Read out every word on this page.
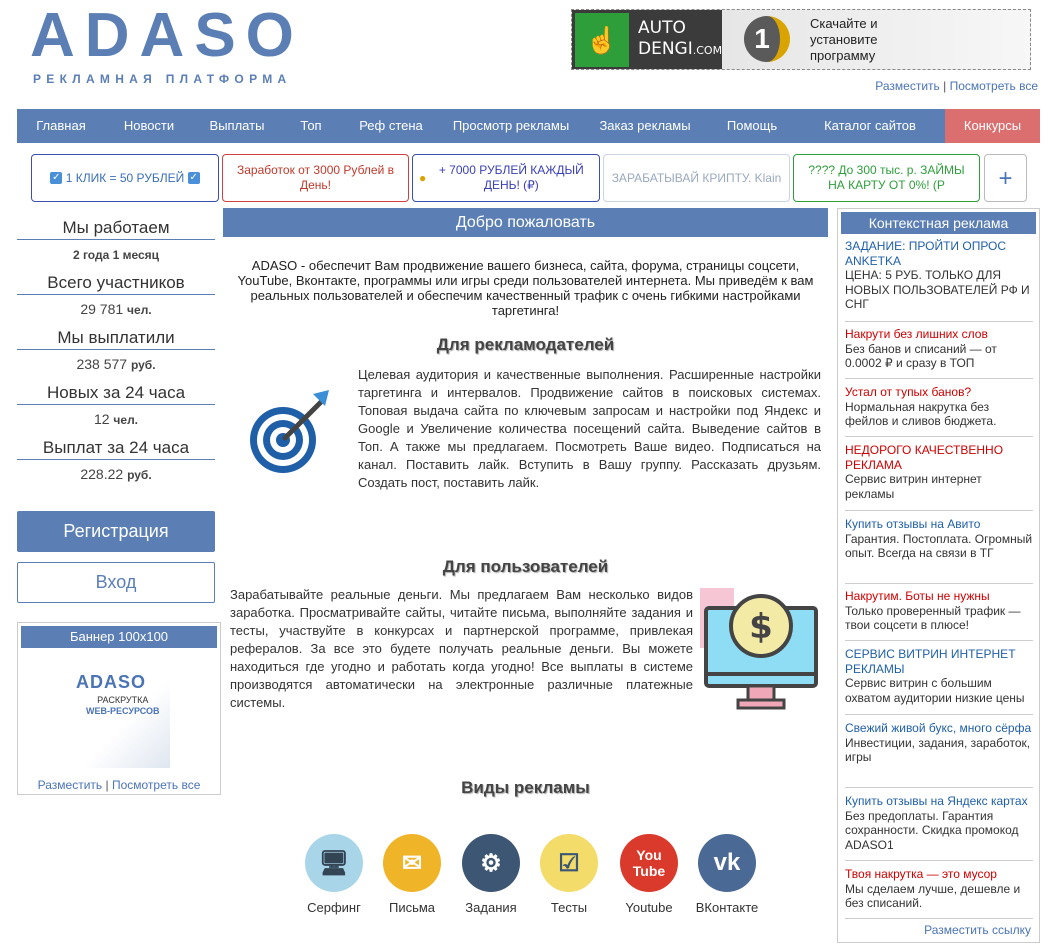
ADASO
РЕКЛАМНАЯ ПЛАТФОРМА
☝	AUTO
DENGI.COM	1	Скачайте и
установите
программу
Разместить | Посмотреть все
Главная	Новости	Выплаты	Топ	Реф стена	Просмотр рекламы	Заказ рекламы	Помощь	Каталог сайтов	Конкурсы
✓
1 КЛИК = 50 РУБЛЕЙ
✓
Заработок от 3000 Рублей в День!
●

+ 7000 РУБЛЕЙ КАЖДЫЙ ДЕНЬ! (₽)
ЗАРАБАТЫВАЙ КРИПТУ. Klain
???? До 300 тыс. р. ЗАЙМЫ НА КАРТУ ОТ 0%! (Р	+
Мы работаем
2 года 1 месяц
Всего участников
29 781 чел.
Мы выплатили
238 577 руб.
Новых за 24 часа
12 чел.
Выплат за 24 часа
228.22 руб.
Регистрация
Вход
Баннер 100x100
ADASO
РАСКРУТКА
WEB-РЕСУРСОВ
Разместить | Посмотреть все
Добро пожаловать
ADASO - обеспечит Вам продвижение вашего бизнеса, сайта, форума, страницы соцсети, YouTube, Вконтакте, программы или игры среди пользователей интернета. Мы приведём к вам реальных пользователей и обеспечим качественный трафик с очень гибкими настройками таргетинга!
Для рекламодателей
Целевая аудитория и качественные выполнения. Расширенные настройки таргетинга и интервалов. Продвижение сайтов в поисковых системах. Топовая выдача сайта по ключевым запросам и настройки под Яндекс и Google и Увеличение количества посещений сайта. Выведение сайтов в Топ. А также мы предлагаем. Посмотреть Ваше видео. Подписаться на канал. Поставить лайк. Вступить в Вашу группу. Рассказать друзьям. Создать пост, поставить лайк.
Для пользователей
Зарабатывайте реальные деньги. Мы предлагаем Вам несколько видов заработка. Просматривайте сайты, читайте письма, выполняйте задания и тесты, участвуйте в конкурсах и партнерской программе, привлекая рефералов. За все это будете получать реальные деньги. Вы можете находиться где угодно и работать когда угодно! Все выплаты в системе производятся автоматически на электронные различные платежные системы.
$
Виды рекламы
🖥
Серфинг
✉
Письма
⚙
Задания
☑
Тесты
You
Tube
Youtube
vk
ВКонтакте
Контекстная реклама
ЗАДАНИЕ: ПРОЙТИ ОПРОС ANKETKA
ЦЕНА: 5 РУБ. ТОЛЬКО ДЛЯ НОВЫХ ПОЛЬЗОВАТЕЛЕЙ РФ И СНГ
Накрути без лишних слов
Без банов и списаний — от 0.0002 ₽ и сразу в ТОП
Устал от тупых банов?
Нормальная накрутка без фейлов и сливов бюджета.
НЕДОРОГО КАЧЕСТВЕННО РЕКЛАМА
Сервис витрин интернет рекламы
Купить отзывы на Авито
Гарантия. Постоплата. Огромный опыт. Всегда на связи в ТГ
Накрутим. Боты не нужны
Только проверенный трафик — твои соцсети в плюсе!
СЕРВИС ВИТРИН ИНТЕРНЕТ РЕКЛАМЫ
Сервис витрин с большим охватом аудитории низкие цены
Свежий живой букс, много сёрфа
Инвестиции, задания, заработок, игры
Купить отзывы на Яндекс картах
Без предоплаты. Гарантия сохранности. Скидка промокод ADASO1
Твоя накрутка — это мусор
Мы сделаем лучше, дешевле и без списаний.
Разместить ссылку
